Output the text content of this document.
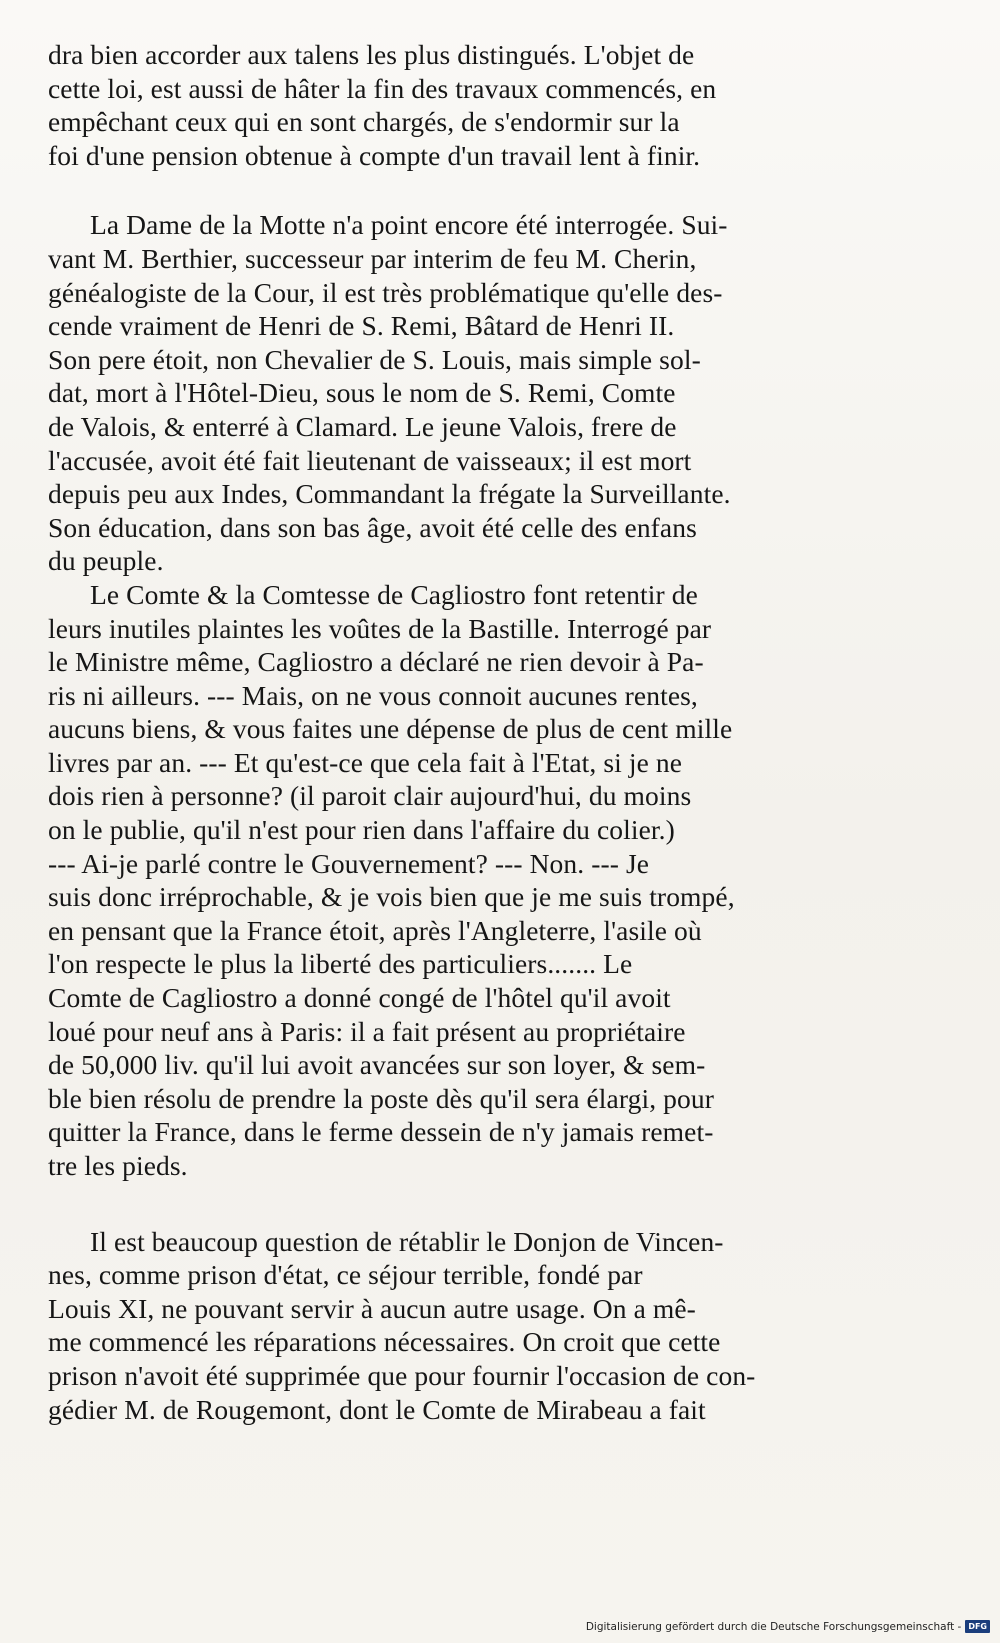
dra bien accorder aux talens les plus distingués. L'objet de
cette loi, est aussi de hâter la fin des travaux commencés, en
empêchant ceux qui en sont chargés, de s'endormir sur la
foi d'une pension obtenue à compte d'un travail lent à finir.
La Dame de la Motte n'a point encore été interrogée. Sui-
vant M. Berthier, successeur par interim de feu M. Cherin,
généalogiste de la Cour, il est très problématique qu'elle des-
cende vraiment de Henri de S. Remi, Bâtard de Henri II.
Son pere étoit, non Chevalier de S. Louis, mais simple sol-
dat, mort à l'Hôtel-Dieu, sous le nom de S. Remi, Comte
de Valois, & enterré à Clamard. Le jeune Valois, frere de
l'accusée, avoit été fait lieutenant de vaisseaux; il est mort
depuis peu aux Indes, Commandant la frégate la Surveillante.
Son éducation, dans son bas âge, avoit été celle des enfans
du peuple.
Le Comte & la Comtesse de Cagliostro font retentir de
leurs inutiles plaintes les voûtes de la Bastille. Interrogé par
le Ministre même, Cagliostro a déclaré ne rien devoir à Pa-
ris ni ailleurs. --- Mais, on ne vous connoit aucunes rentes,
aucuns biens, & vous faites une dépense de plus de cent mille
livres par an. --- Et qu'est-ce que cela fait à l'Etat, si je ne
dois rien à personne? (il paroit clair aujourd'hui, du moins
on le publie, qu'il n'est pour rien dans l'affaire du colier.)
--- Ai-je parlé contre le Gouvernement? --- Non. --- Je
suis donc irréprochable, & je vois bien que je me suis trompé,
en pensant que la France étoit, après l'Angleterre, l'asile où
l'on respecte le plus la liberté des particuliers....... Le
Comte de Cagliostro a donné congé de l'hôtel qu'il avoit
loué pour neuf ans à Paris: il a fait présent au propriétaire
de 50,000 liv. qu'il lui avoit avancées sur son loyer, & sem-
ble bien résolu de prendre la poste dès qu'il sera élargi, pour
quitter la France, dans le ferme dessein de n'y jamais remet-
tre les pieds.
Il est beaucoup question de rétablir le Donjon de Vincen-
nes, comme prison d'état, ce séjour terrible, fondé par
Louis XI, ne pouvant servir à aucun autre usage. On a mê-
me commencé les réparations nécessaires. On croit que cette
prison n'avoit été supprimée que pour fournir l'occasion de con-
gédier M. de Rougemont, dont le Comte de Mirabeau a fait
Digitalisierung gefördert durch die Deutsche Forschungsgemeinschaft - DFG
